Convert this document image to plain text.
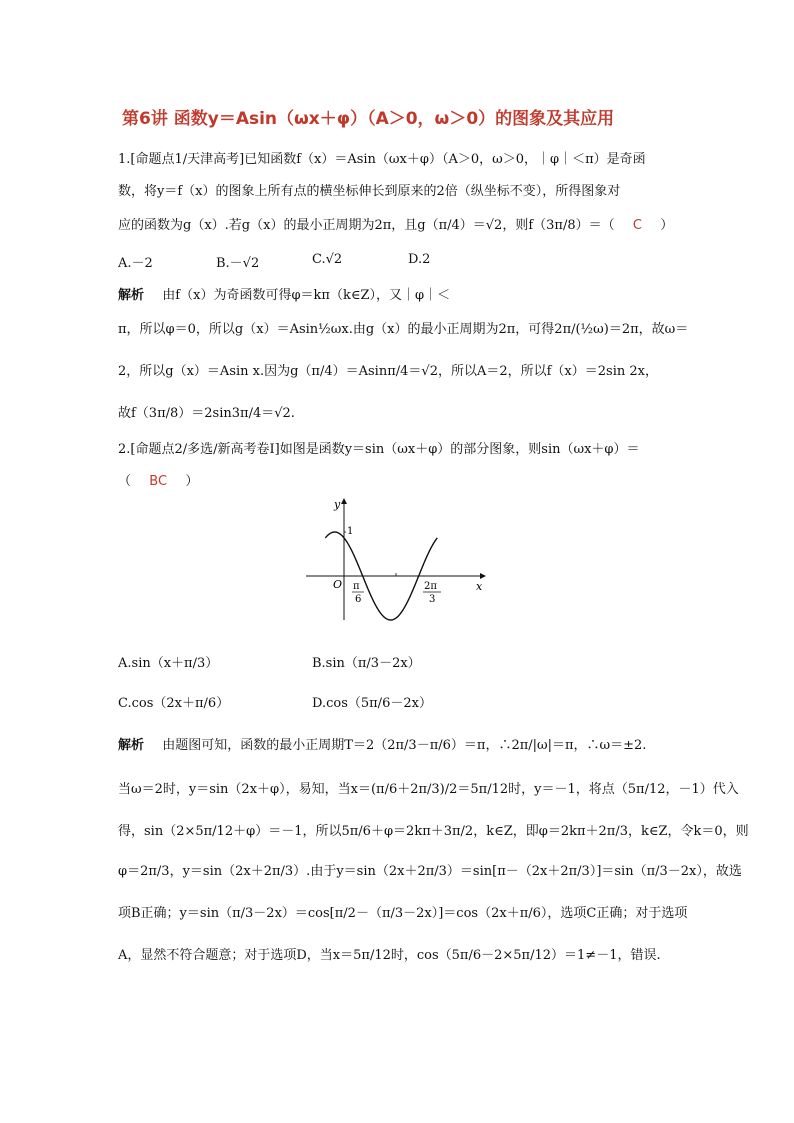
第6讲 函数y＝Asin（ωx＋φ）（A＞0，ω＞0）的图象及其应用
1.[命题点1/天津高考]已知函数f（x）＝Asin（ωx＋φ）（A＞0，ω＞0，｜φ｜＜π）是奇函
数，将y＝f（x）的图象上所有点的横坐标伸长到原来的2倍（纵坐标不变），所得图象对
应的函数为g（x）.若g（x）的最小正周期为2π，且g（π/4）＝√2，则f（3π/8）＝（ C ）
A.－2	B.－√2	C.√2	D.2
解析 由f（x）为奇函数可得φ＝kπ（k∈Z），又｜φ｜＜
π，所以φ＝0，所以g（x）＝Asin½ωx.由g（x）的最小正周期为2π，可得2π/(½ω)＝2π，故ω＝
2，所以g（x）＝Asin x.因为g（π/4）＝Asinπ/4＝√2，所以A＝2，所以f（x）＝2sin 2x，
故f（3π/8）＝2sin3π/4＝√2.
2.[命题点2/多选/新高考卷Ⅰ]如图是函数y＝sin（ωx＋φ）的部分图象，则sin（ωx＋φ）＝
（ BC ）
y
x
O
1
π
6
2π
3
A.sin（x＋π/3）	B.sin（π/3－2x）
C.cos（2x＋π/6）	D.cos（5π/6－2x）
解析 由题图可知，函数的最小正周期T＝2（2π/3－π/6）＝π，∴2π/|ω|＝π，∴ω＝±2.
当ω＝2时，y＝sin（2x＋φ），易知，当x＝(π/6＋2π/3)/2＝5π/12时，y＝－1，将点（5π/12，－1）代入
得，sin（2×5π/12＋φ）＝－1，所以5π/6＋φ＝2kπ＋3π/2，k∈Z，即φ＝2kπ＋2π/3，k∈Z，令k＝0，则
φ＝2π/3，y＝sin（2x＋2π/3）.由于y＝sin（2x＋2π/3）＝sin[π－（2x＋2π/3）]＝sin（π/3－2x），故选
项B正确；y＝sin（π/3－2x）＝cos[π/2－（π/3－2x）]＝cos（2x＋π/6），选项C正确；对于选项
A，显然不符合题意；对于选项D，当x＝5π/12时，cos（5π/6－2×5π/12）＝1≠－1，错误.
